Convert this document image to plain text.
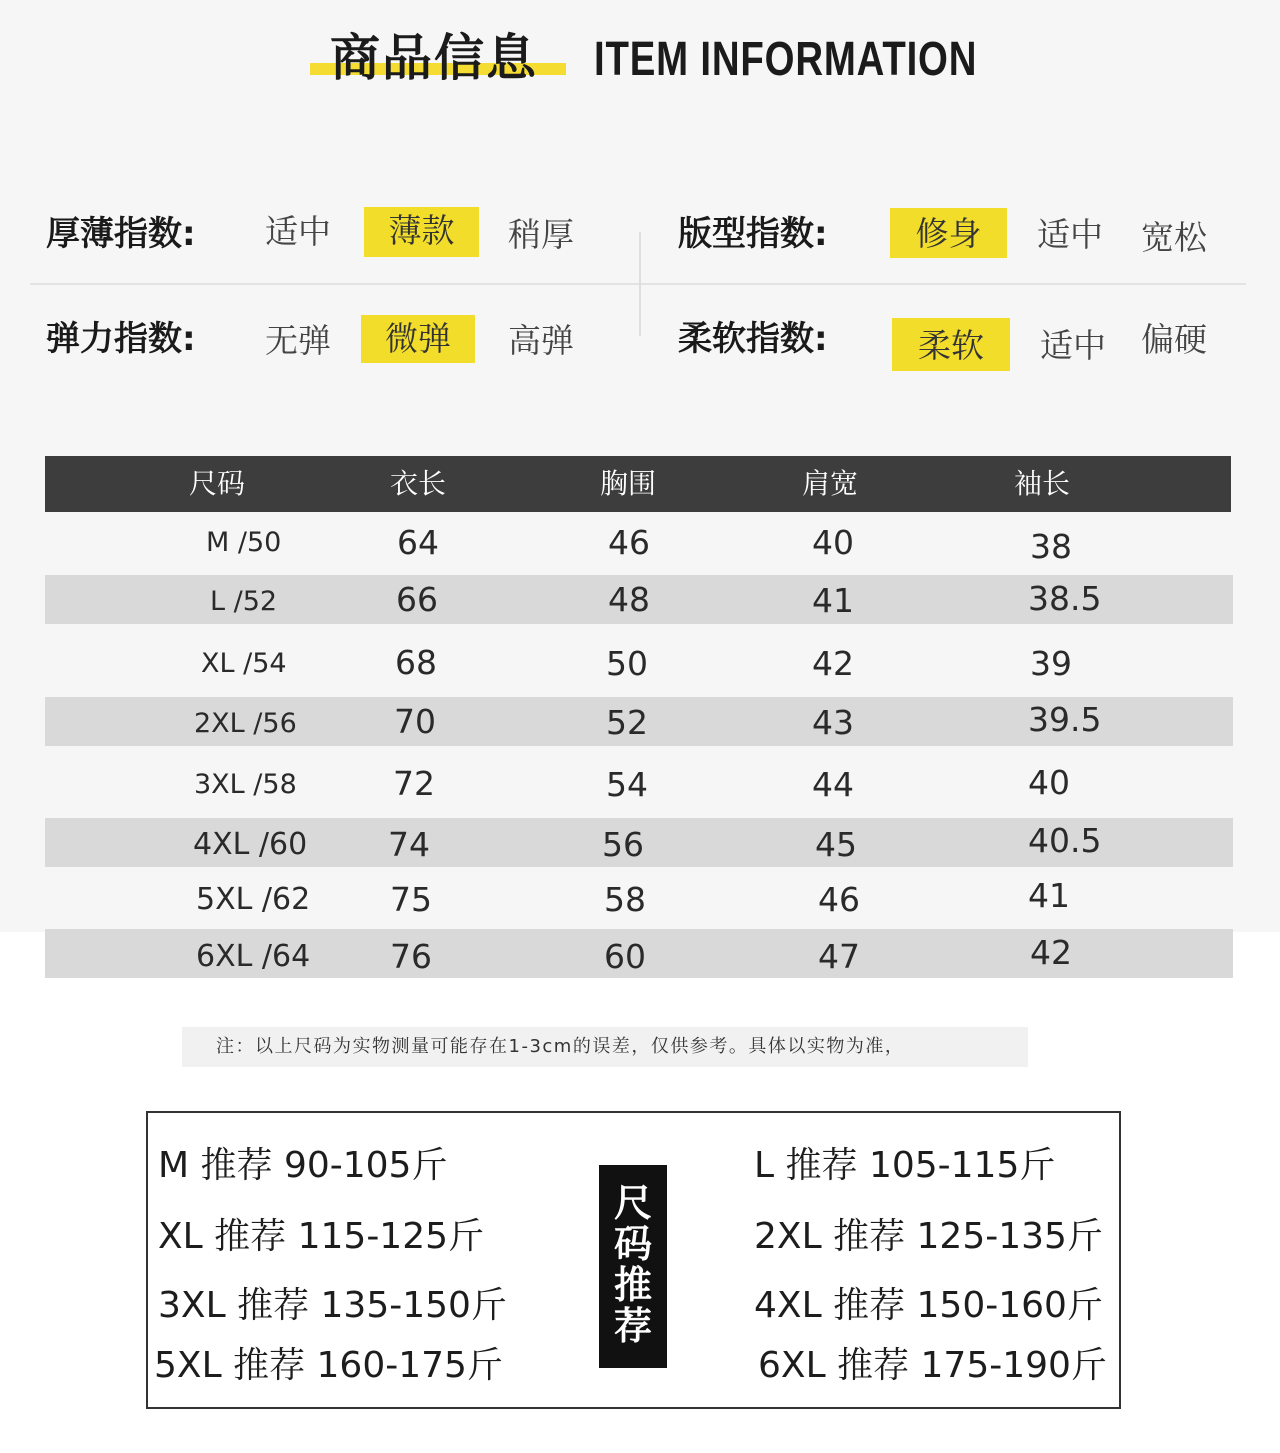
商品信息 ITEM INFORMATION
厚薄指数: 适中	薄款	稍厚	版型指数:	修身	适中 宽松
弹力指数: 无弹	微弹	高弹	柔软指数:	柔软	适中 偏硬
尺码	衣长	胸围	肩宽	袖长
M /50	64	46	40	38
L /52	66	48	41	38.5
XL /54	68	50	42	39
2XL /56	70	52	43	39.5
3XL /58	72	54	44	40
4XL /60 74	56	45	40.5
5XL /62 75	58	46	41
6XL /64 76	60	47	42
注：以上尺码为实物测量可能存在1-3cm的误差，仅供参考。具体以实物为准，
尺
码
推
荐
M 推荐 90-105斤	L 推荐 105-115斤
XL 推荐 115-125斤	2XL 推荐 125-135斤
3XL 推荐 135-150斤	4XL 推荐 150-160斤
5XL 推荐 160-175斤	6XL 推荐 175-190斤
